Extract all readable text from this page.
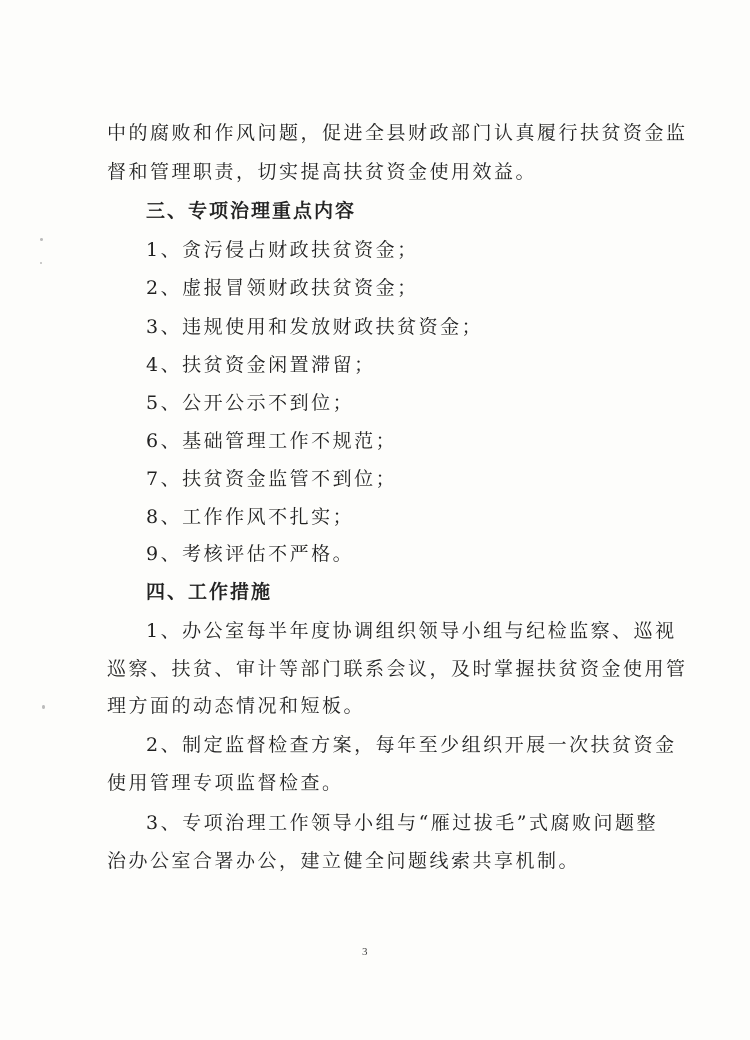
中的腐败和作风问题，促进全县财政部门认真履行扶贫资金监

督和管理职责，切实提高扶贫资金使用效益。

三、专项治理重点内容

1、贪污侵占财政扶贫资金；

2、虚报冒领财政扶贫资金；

3、违规使用和发放财政扶贫资金；

4、扶贫资金闲置滞留；

5、公开公示不到位；

6、基础管理工作不规范；

7、扶贫资金监管不到位；

8、工作作风不扎实；

9、考核评估不严格。

四、工作措施

1、办公室每半年度协调组织领导小组与纪检监察、巡视

巡察、扶贫、审计等部门联系会议，及时掌握扶贫资金使用管

理方面的动态情况和短板。

2、制定监督检查方案，每年至少组织开展一次扶贫资金

使用管理专项监督检查。

3、专项治理工作领导小组与“雁过拔毛”式腐败问题整

治办公室合署办公，建立健全问题线索共享机制。

3
